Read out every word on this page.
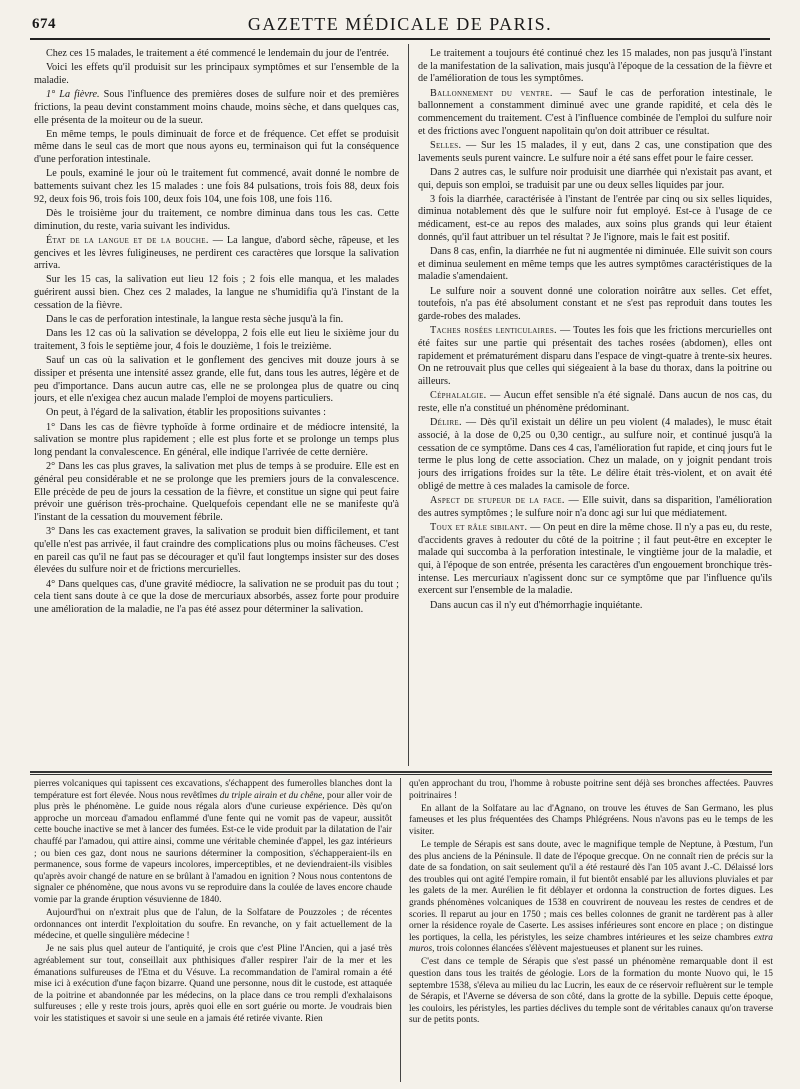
674	GAZETTE MÉDICALE DE PARIS.

Chez ces 15 malades, le traitement a été commencé le lendemain du jour de l'entrée.

Voici les effets qu'il produisit sur les principaux symptômes et sur l'ensemble de la maladie.

1° La fièvre. Sous l'influence des premières doses de sulfure noir et des premières frictions, la peau devint constamment moins chaude, moins sèche, et dans quelques cas, elle présenta de la moiteur ou de la sueur.

En même temps, le pouls diminuait de force et de fréquence. Cet effet se produisit même dans le seul cas de mort que nous ayons eu, terminaison qui fut la conséquence d'une perforation intestinale.

Le pouls, examiné le jour où le traitement fut commencé, avait donné le nombre de battements suivant chez les 15 malades : une fois 84 pulsations, trois fois 88, deux fois 92, deux fois 96, trois fois 100, deux fois 104, une fois 108, une fois 116.

Dès le troisième jour du traitement, ce nombre diminua dans tous les cas. Cette diminution, du reste, varia suivant les individus.

État de la langue et de la bouche. — La langue, d'abord sèche, râpeuse, et les gencives et les lèvres fuligineuses, ne perdirent ces caractères que lorsque la salivation arriva.

Sur les 15 cas, la salivation eut lieu 12 fois ; 2 fois elle manqua, et les malades guérirent aussi bien. Chez ces 2 malades, la langue ne s'humidifia qu'à l'instant de la cessation de la fièvre.

Dans le cas de perforation intestinale, la langue resta sèche jusqu'à la fin.

Dans les 12 cas où la salivation se développa, 2 fois elle eut lieu le sixième jour du traitement, 3 fois le septième jour, 4 fois le douzième, 1 fois le treizième.

Sauf un cas où la salivation et le gonflement des gencives mit douze jours à se dissiper et présenta une intensité assez grande, elle fut, dans tous les autres, légère et de peu d'importance. Dans aucun autre cas, elle ne se prolongea plus de quatre ou cinq jours, et elle n'exigea chez aucun malade l'emploi de moyens particuliers.

On peut, à l'égard de la salivation, établir les propositions suivantes :

1° Dans les cas de fièvre typhoïde à forme ordinaire et de médiocre intensité, la salivation se montre plus rapidement ; elle est plus forte et se prolonge un temps plus long pendant la convalescence. En général, elle indique l'arrivée de cette dernière.

2° Dans les cas plus graves, la salivation met plus de temps à se produire. Elle est en général peu considérable et ne se prolonge que les premiers jours de la convalescence. Elle précède de peu de jours la cessation de la fièvre, et constitue un signe qui peut faire prévoir une guérison très-prochaine. Quelquefois cependant elle ne se manifeste qu'à l'instant de la cessation du mouvement fébrile.

3° Dans les cas exactement graves, la salivation se produit bien difficilement, et tant qu'elle n'est pas arrivée, il faut craindre des complications plus ou moins fâcheuses. C'est en pareil cas qu'il ne faut pas se décourager et qu'il faut longtemps insister sur des doses élevées du sulfure noir et de frictions mercurielles.

4° Dans quelques cas, d'une gravité médiocre, la salivation ne se produit pas du tout ; cela tient sans doute à ce que la dose de mercuriaux absorbés, assez forte pour produire une amélioration de la maladie, ne l'a pas été assez pour déterminer la salivation.

Le traitement a toujours été continué chez les 15 malades, non pas jusqu'à l'instant de la manifestation de la salivation, mais jusqu'à l'époque de la cessation de la fièvre et de l'amélioration de tous les symptômes.

Ballonnement du ventre. — Sauf le cas de perforation intestinale, le ballonnement a constamment diminué avec une grande rapidité, et cela dès le commencement du traitement. C'est à l'influence combinée de l'emploi du sulfure noir et des frictions avec l'onguent napolitain qu'on doit attribuer ce résultat.

Selles. — Sur les 15 malades, il y eut, dans 2 cas, une constipation que des lavements seuls purent vaincre. Le sulfure noir a été sans effet pour le faire cesser.

Dans 2 autres cas, le sulfure noir produisit une diarrhée qui n'existait pas avant, et qui, depuis son emploi, se traduisit par une ou deux selles liquides par jour.

3 fois la diarrhée, caractérisée à l'instant de l'entrée par cinq ou six selles liquides, diminua notablement dès que le sulfure noir fut employé. Est-ce à l'usage de ce médicament, est-ce au repos des malades, aux soins plus grands qui leur étaient donnés, qu'il faut attribuer un tel résultat ? Je l'ignore, mais le fait est positif.

Dans 8 cas, enfin, la diarrhée ne fut ni augmentée ni diminuée. Elle suivit son cours et diminua seulement en même temps que les autres symptômes caractéristiques de la maladie s'amendaient.

Le sulfure noir a souvent donné une coloration noirâtre aux selles. Cet effet, toutefois, n'a pas été absolument constant et ne s'est pas reproduit dans toutes les garde-robes des malades.

Taches rosées lenticulaires. — Toutes les fois que les frictions mercurielles ont été faites sur une partie qui présentait des taches rosées (abdomen), elles ont rapidement et prématurément disparu dans l'espace de vingt-quatre à trente-six heures. On ne retrouvait plus que celles qui siégeaient à la base du thorax, dans la poitrine ou ailleurs.

Céphalalgie. — Aucun effet sensible n'a été signalé. Dans aucun de nos cas, du reste, elle n'a constitué un phénomène prédominant.

Délire. — Dès qu'il existait un délire un peu violent (4 malades), le musc était associé, à la dose de 0,25 ou 0,30 centigr., au sulfure noir, et continué jusqu'à la cessation de ce symptôme. Dans ces 4 cas, l'amélioration fut rapide, et cinq jours fut le terme le plus long de cette association. Chez un malade, on y joignit pendant trois jours des irrigations froides sur la tête. Le délire était très-violent, et on avait été obligé de mettre à ces malades la camisole de force.

Aspect de stupeur de la face. — Elle suivit, dans sa disparition, l'amélioration des autres symptômes ; le sulfure noir n'a donc agi sur lui que médiatement.

Toux et râle sibilant. — On peut en dire la même chose. Il n'y a pas eu, du reste, d'accidents graves à redouter du côté de la poitrine ; il faut peut-être en excepter le malade qui succomba à la perforation intestinale, le vingtième jour de la maladie, et qui, à l'époque de son entrée, présenta les caractères d'un engouement bronchique très-intense. Les mercuriaux n'agissent donc sur ce symptôme que par l'influence qu'ils exercent sur l'ensemble de la maladie.

Dans aucun cas il n'y eut d'hémorrhagie inquiétante.

pierres volcaniques qui tapissent ces excavations, s'échappent des fumerolles blanches dont la température est fort élevée. Nous nous revêtîmes du triple airain et du chêne, pour aller voir de plus près le phénomène. Le guide nous régala alors d'une curieuse expérience. Dès qu'on approche un morceau d'amadou enflammé d'une fente qui ne vomit pas de vapeur, aussitôt cette bouche inactive se met à lancer des fumées. Est-ce le vide produit par la dilatation de l'air chauffé par l'amadou, qui attire ainsi, comme une véritable cheminée d'appel, les gaz intérieurs ; ou bien ces gaz, dont nous ne saurions déterminer la composition, s'échapperaient-ils en permanence, sous forme de vapeurs incolores, imperceptibles, et ne deviendraient-ils visibles qu'après avoir changé de nature en se brûlant à l'amadou en ignition ? Nous nous contentons de signaler ce phénomène, que nous avons vu se reproduire dans la coulée de laves encore chaude vomie par la grande éruption vésuvienne de 1840.

Aujourd'hui on n'extrait plus que de l'alun, de la Solfatare de Pouzzoles ; de récentes ordonnances ont interdit l'exploitation du soufre. En revanche, on y fait actuellement de la médecine, et quelle singulière médecine !

Je ne sais plus quel auteur de l'antiquité, je crois que c'est Pline l'Ancien, qui a jasé très agréablement sur tout, conseillait aux phthisiques d'aller respirer l'air de la mer et les émanations sulfureuses de l'Etna et du Vésuve. La recommandation de l'amiral romain a été mise ici à exécution d'une façon bizarre. Quand une personne, nous dit le custode, est attaquée de la poitrine et abandonnée par les médecins, on la place dans ce trou rempli d'exhalaisons sulfureuses ; elle y reste trois jours, après quoi elle en sort guérie ou morte. Je voudrais bien voir les statistiques et savoir si une seule en a jamais été retirée vivante. Rien

qu'en approchant du trou, l'homme à robuste poitrine sent déjà ses bronches affectées. Pauvres poitrinaires !

En allant de la Solfatare au lac d'Agnano, on trouve les étuves de San Germano, les plus fameuses et les plus fréquentées des Champs Phlégréens. Nous n'avons pas eu le temps de les visiter.

Le temple de Sérapis est sans doute, avec le magnifique temple de Neptune, à Pœstum, l'un des plus anciens de la Péninsule. Il date de l'époque grecque. On ne connaît rien de précis sur la date de sa fondation, on sait seulement qu'il a été restauré dès l'an 105 avant J.-C. Délaissé lors des troubles qui ont agité l'empire romain, il fut bientôt ensablé par les alluvions pluviales et par les galets de la mer. Aurélien le fit déblayer et ordonna la construction de fortes digues. Les grands phénomènes volcaniques de 1538 en couvrirent de nouveau les restes de cendres et de scories. Il reparut au jour en 1750 ; mais ces belles colonnes de granit ne tardèrent pas à aller orner la résidence royale de Caserte. Les assises inférieures sont encore en place ; on distingue les portiques, la cella, les péristyles, les seize chambres intérieures et les seize chambres extra muros, trois colonnes élancées s'élèvent majestueuses et planent sur les ruines.

C'est dans ce temple de Sérapis que s'est passé un phénomène remarquable dont il est question dans tous les traités de géologie. Lors de la formation du monte Nuovo qui, le 15 septembre 1538, s'éleva au milieu du lac Lucrin, les eaux de ce réservoir refluèrent sur le temple de Sérapis, et l'Averne se déversa de son côté, dans la grotte de la sybille. Depuis cette époque, les couloirs, les péristyles, les parties déclives du temple sont de véritables canaux qu'on traverse sur de petits ponts.
